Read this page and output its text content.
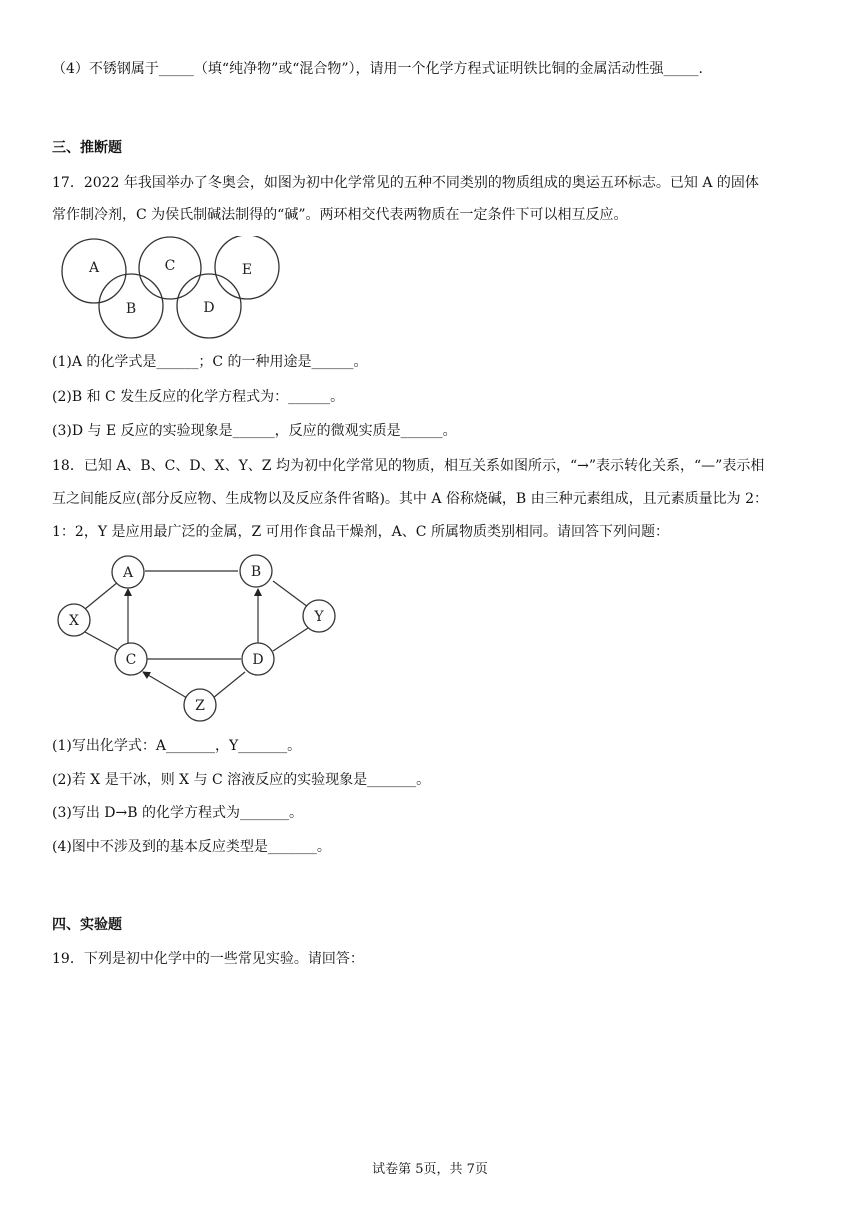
（4）不锈钢属于_____（填“纯净物”或“混合物”），请用一个化学方程式证明铁比铜的金属活动性强_____.
三、推断题
17．2022 年我国举办了冬奥会，如图为初中化学常见的五种不同类别的物质组成的奥运五环标志。已知 A 的固体
常作制冷剂，C 为侯氏制碱法制得的“碱”。两环相交代表两物质在一定条件下可以相互反应。
A
B
C
D
E
(1)A 的化学式是______；C 的一种用途是______。
(2)B 和 C 发生反应的化学方程式为：______。
(3)D 与 E 反应的实验现象是______，反应的微观实质是______。
18．已知 A、B、C、D、X、Y、Z 均为初中化学常见的物质，相互关系如图所示，“→”表示转化关系，“—”表示相
互之间能反应(部分反应物、生成物以及反应条件省略)。其中 A 俗称烧碱，B 由三种元素组成，且元素质量比为 2：
1：2，Y 是应用最广泛的金属，Z 可用作食品干燥剂，A、C 所属物质类别相同。请回答下列问题：
A	B
X	Y
C	D
Z
(1)写出化学式：A_______，Y_______。
(2)若 X 是干冰，则 X 与 C 溶液反应的实验现象是_______。
(3)写出 D→B 的化学方程式为_______。
(4)图中不涉及到的基本反应类型是_______。
四、实验题
19．下列是初中化学中的一些常见实验。请回答：
试卷第 5页，共 7页
